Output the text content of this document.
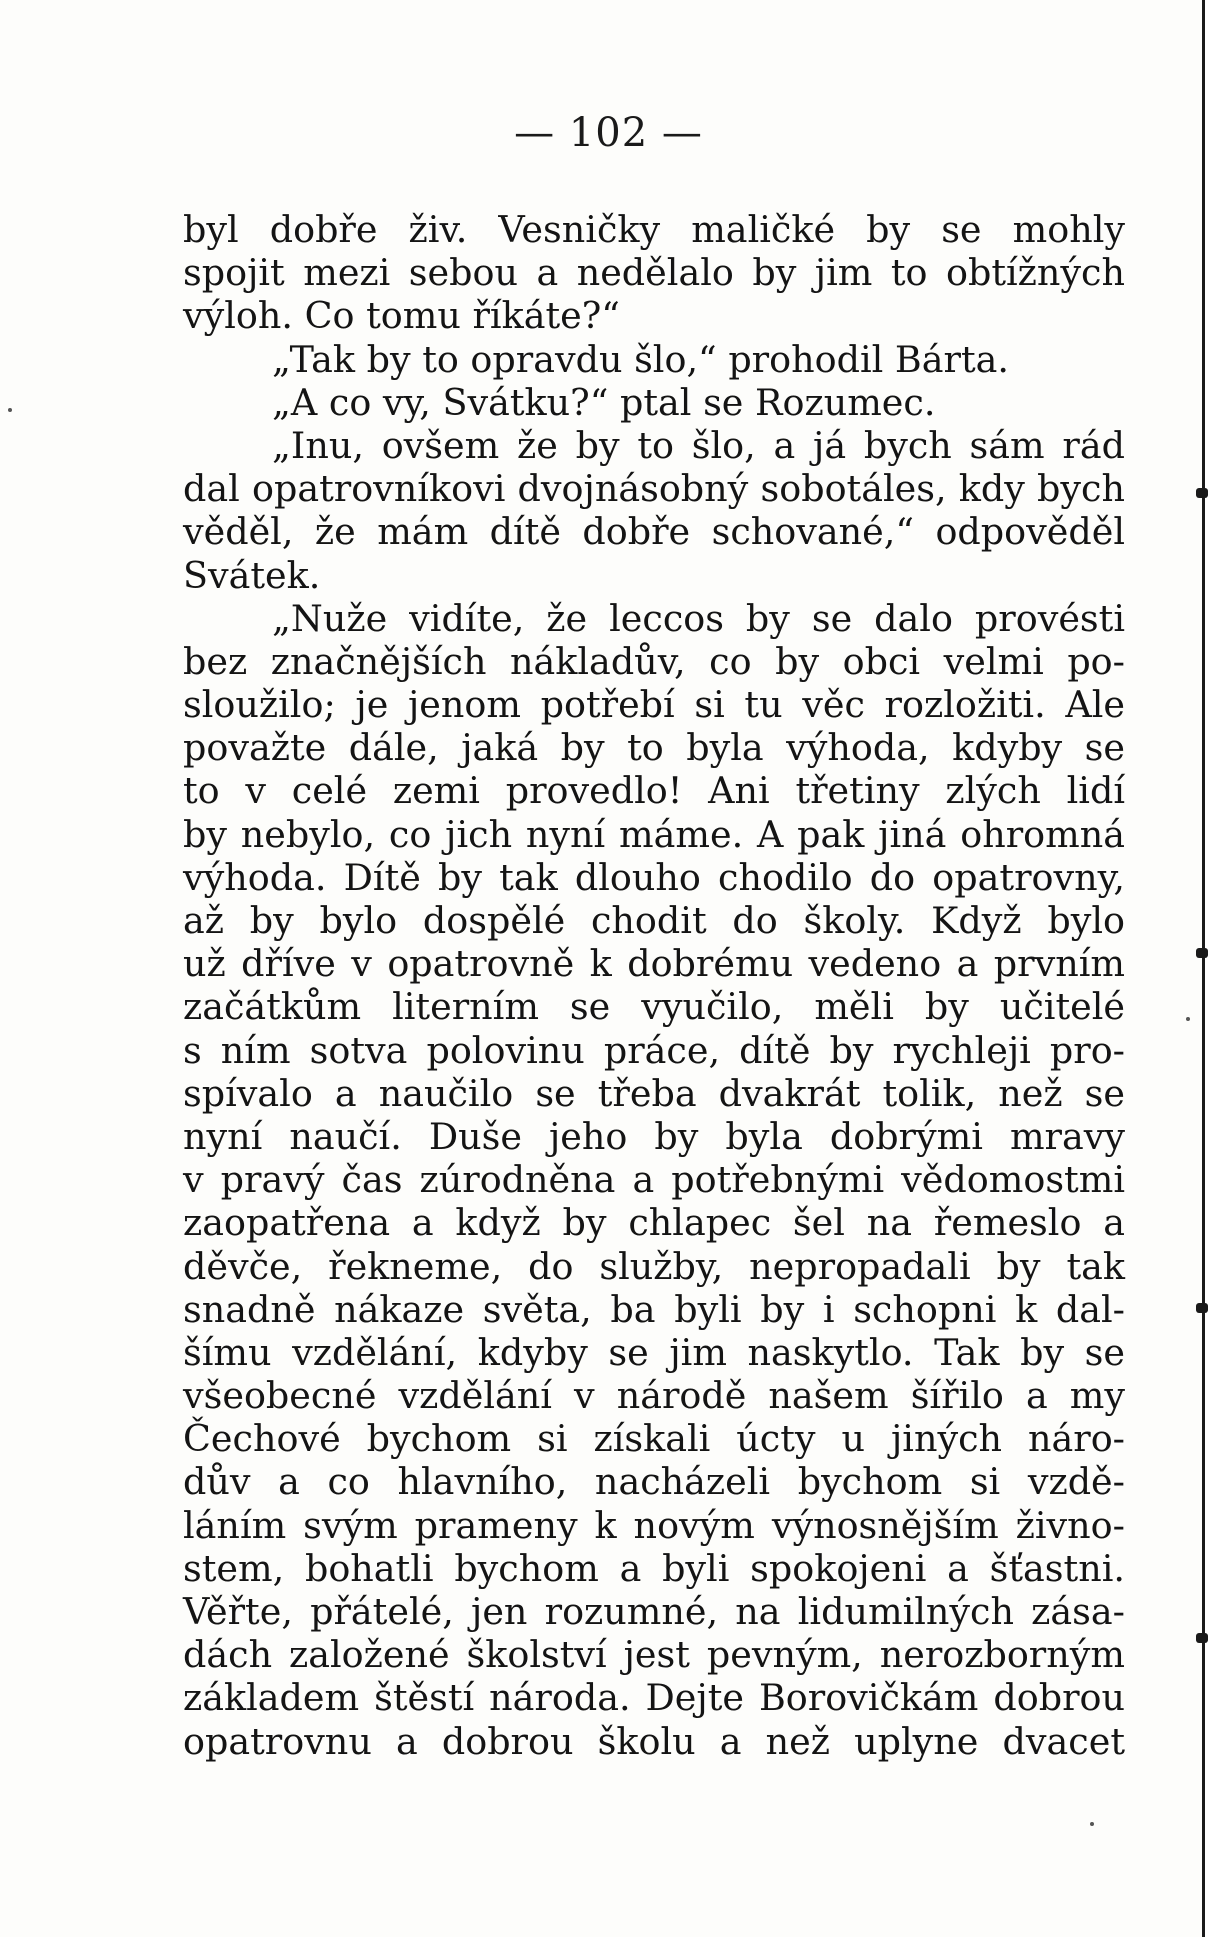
— 102 —
byl dobře živ. Vesničky maličké by se mohly
spojit mezi sebou a nedělalo by jim to obtížných
výloh. Co tomu říkáte?“
„Tak by to opravdu šlo,“ prohodil Bárta.
„A co vy, Svátku?“ ptal se Rozumec.
„Inu, ovšem že by to šlo, a já bych sám rád
dal opatrovníkovi dvojnásobný sobotáles, kdy bych
věděl, že mám dítě dobře schované,“ odpověděl
Svátek.
„Nuže vidíte, že leccos by se dalo provésti
bez značnějších nákladův, co by obci velmi po-
sloužilo; je jenom potřebí si tu věc rozložiti. Ale
považte dále, jaká by to byla výhoda, kdyby se
to v celé zemi provedlo! Ani třetiny zlých lidí
by nebylo, co jich nyní máme. A pak jiná ohromná
výhoda. Dítě by tak dlouho chodilo do opatrovny,
až by bylo dospělé chodit do školy. Když bylo
už dříve v opatrovně k dobrému vedeno a prvním
začátkům literním se vyučilo, měli by učitelé
s ním sotva polovinu práce, dítě by rychleji pro-
spívalo a naučilo se třeba dvakrát tolik, než se
nyní naučí. Duše jeho by byla dobrými mravy
v pravý čas zúrodněna a potřebnými vědomostmi
zaopatřena a když by chlapec šel na řemeslo a
děvče, řekneme, do služby, nepropadali by tak
snadně nákaze světa, ba byli by i schopni k dal-
šímu vzdělání, kdyby se jim naskytlo. Tak by se
všeobecné vzdělání v národě našem šířilo a my
Čechové bychom si získali úcty u jiných náro-
dův a co hlavního, nacházeli bychom si vzdě-
láním svým prameny k novým výnosnějším živno-
stem, bohatli bychom a byli spokojeni a šťastni.
Věřte, přátelé, jen rozumné, na lidumilných zása-
dách založené školství jest pevným, nerozborným
základem štěstí národa. Dejte Borovičkám dobrou
opatrovnu a dobrou školu a než uplyne dvacet
